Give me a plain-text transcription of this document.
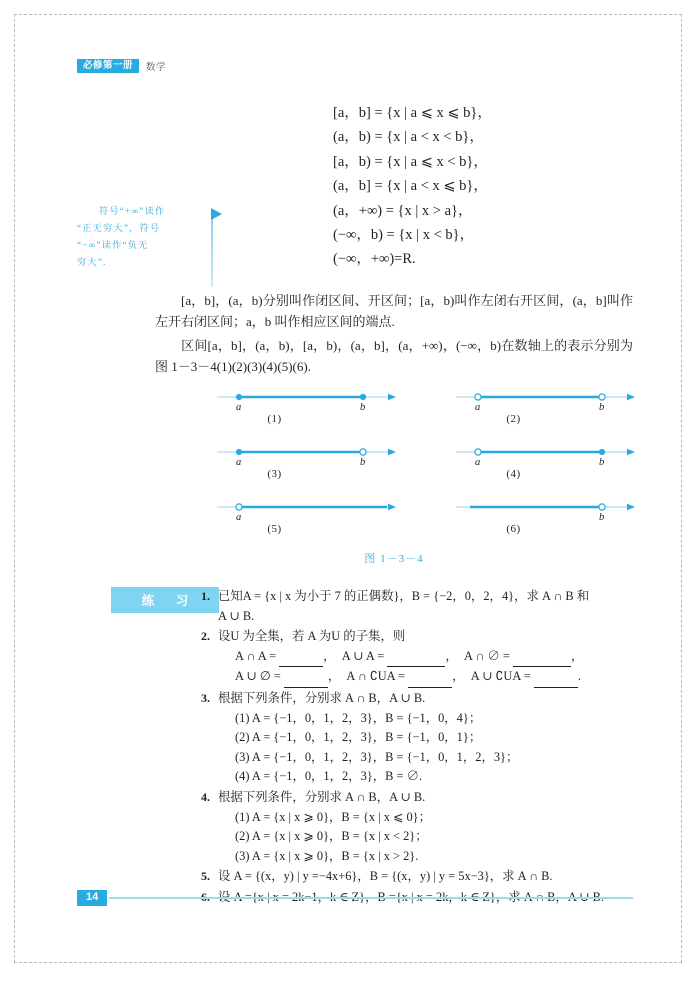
必修第一册	数学
符号“+∞”读作
“正无穷大”，符号
“−∞”读作“负无
穷大”.
[a，b] = {x | a ⩽ x ⩽ b}，
(a，b) = {x | a < x < b}，
[a，b) = {x | a ⩽ x < b}，
(a，b] = {x | a < x ⩽ b}，
(a，+∞) = {x | x > a}，
(−∞，b) = {x | x < b}，
(−∞，+∞)=R.
[a，b]，(a，b)分别叫作闭区间、开区间；[a，b)叫作左闭右开区间，(a，b]叫作左开右闭区间；a，b 叫作相应区间的端点.
区间[a，b]，(a，b)，[a，b)，(a，b]，(a，+∞)，(−∞，b)在数轴上的表示分别为图 1－3－4(1)(2)(3)(4)(5)(6).
a	b
(1)
a	b
(2)
a	b
(3)
a	b
(4)
a
(5)
b
(6)
图 1－3－4
练 习 1. 已知A = {x | x 为小于 7 的正偶数}，B = {−2，0，2，4}，求 A ∩ B 和
A ∪ B.
2. 设U 为全集，若 A 为U 的子集，则
A ∩ A =	， A ∪ A =	， A ∩ ∅ =	，
A ∪ ∅ =	， A ∩ ∁UA =	， A ∪ ∁UA =	.
3. 根据下列条件，分别求 A ∩ B，A ∪ B.
(1) A = {−1，0，1，2，3}，B = {−1，0，4}；
(2) A = {−1，0，1，2，3}，B = {−1，0，1}；
(3) A = {−1，0，1，2，3}，B = {−1，0，1，2，3}；
(4) A = {−1，0，1，2，3}，B = ∅.
4. 根据下列条件，分别求 A ∩ B，A ∪ B.
(1) A = {x | x ⩾ 0}，B = {x | x ⩽ 0}；
(2) A = {x | x ⩾ 0}，B = {x | x < 2}；
(3) A = {x | x ⩾ 0}，B = {x | x > 2}.
5. 设 A = {(x，y) | y =−4x+6}，B = {(x，y) | y = 5x−3}，求 A ∩ B.
14
